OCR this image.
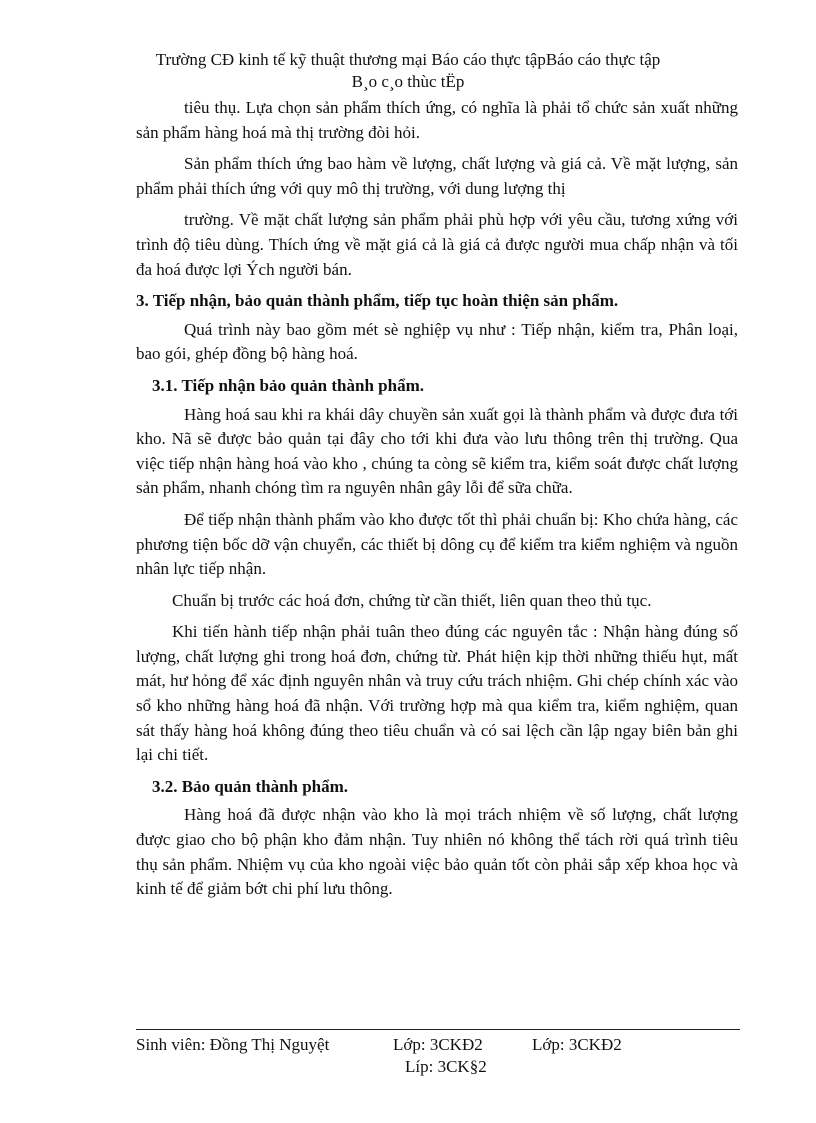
Trường CĐ kinh tế kỹ thuật thương mại Báo cáo thực tậpBáo cáo thực tập
B¸o c¸o thùc tËp

tiêu thụ. Lựa chọn sản phẩm thích ứng, có nghĩa là phải tổ chức sản xuất những sản phẩm hàng hoá mà thị trường đòi hỏi.

Sản phẩm thích ứng bao hàm về lượng, chất lượng và giá cả. Về mặt lượng, sản phẩm phải thích ứng với quy mô thị trường, với dung lượng thị

trường. Về mặt chất lượng sản phẩm phải phù hợp với yêu cầu, tương xứng với trình độ tiêu dùng. Thích ứng về mặt giá cả là giá cả được người mua chấp nhận và tối đa hoá được lợi Ých người bán.

3. Tiếp nhận, bảo quản thành phẩm, tiếp tục hoàn thiện sản phẩm.

Quá trình này bao gồm mét sè nghiệp vụ như : Tiếp nhận, kiểm tra, Phân loại, bao gói, ghép đồng bộ hàng hoá.

3.1. Tiếp nhận bảo quản thành phẩm.

Hàng hoá sau khi ra khái dây chuyền sản xuất gọi là thành phẩm và được đưa tới kho. Nã sẽ được bảo quản tại đây cho tới khi đưa vào lưu thông trên thị trường. Qua việc tiếp nhận hàng hoá vào kho , chúng ta còng sẽ kiểm tra, kiểm soát được chất lượng sản phẩm, nhanh chóng tìm ra nguyên nhân gây lỗi để sữa chữa.

Để tiếp nhận thành phẩm vào kho được tốt thì phải chuẩn bị: Kho chứa hàng, các phương tiện bốc dỡ vận chuyển, các thiết bị dông cụ để kiểm tra kiểm nghiệm và nguồn nhân lực tiếp nhận.

Chuẩn bị trước các hoá đơn, chứng từ cần thiết, liên quan theo thủ tục.

Khi tiến hành tiếp nhận phải tuân theo đúng các nguyên tắc : Nhận hàng đúng số lượng, chất lượng ghi trong hoá đơn, chứng từ. Phát hiện kịp thời những thiếu hụt, mất mát, hư hỏng để xác định nguyên nhân và truy cứu trách nhiệm. Ghi chép chính xác vào sổ kho những hàng hoá đã nhận. Với trường hợp mà qua kiểm tra, kiểm nghiệm, quan sát thấy hàng hoá không đúng theo tiêu chuẩn và có sai lệch cần lập ngay biên bản ghi lại chi tiết.

3.2. Bảo quản thành phẩm.

Hàng hoá đã được nhận vào kho là mọi trách nhiệm về số lượng, chất lượng được giao cho bộ phận kho đảm nhận. Tuy nhiên nó không thể tách rời quá trình tiêu thụ sản phẩm. Nhiệm vụ của kho ngoài việc bảo quản tốt còn phải sắp xếp khoa học và kinh tế để giảm bớt chi phí lưu thông.

Sinh viên: Đồng Thị Nguyệt	Lớp: 3CKĐ2	Lớp: 3CKĐ2
Líp: 3CK§2
